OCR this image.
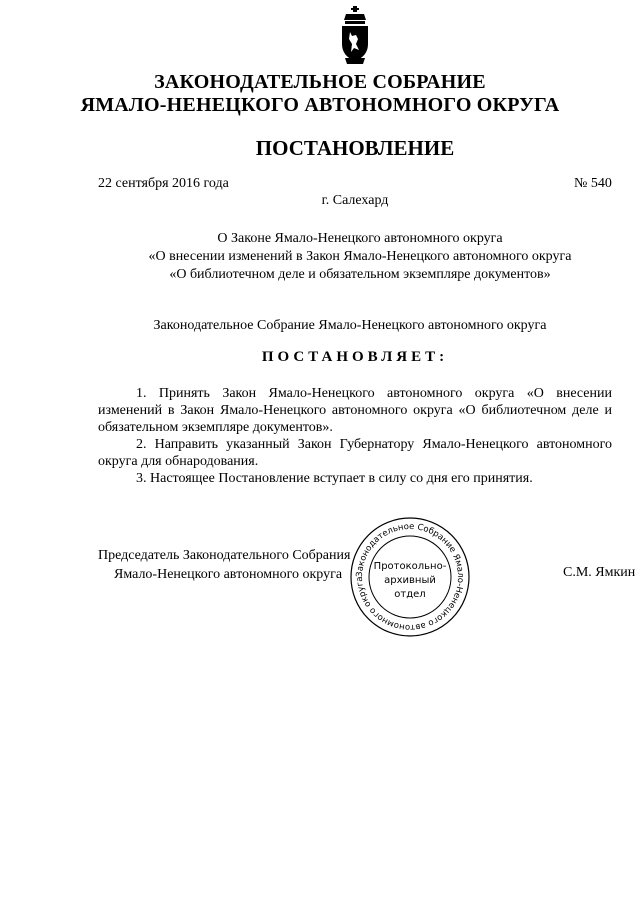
ЗАКОНОДАТЕЛЬНОЕ СОБРАНИЕ
ЯМАЛО-НЕНЕЦКОГО АВТОНОМНОГО ОКРУГА
ПОСТАНОВЛЕНИЕ
22 сентября 2016 года	№ 540
г. Салехард
О Законе Ямало-Ненецкого автономного округа
«О внесении изменений в Закон Ямало-Ненецкого автономного округа
«О библиотечном деле и обязательном экземпляре документов»
Законодательное Собрание Ямало-Ненецкого автономного округа
ПОСТАНОВЛЯЕТ:

1. Принять Закон Ямало-Ненецкого автономного округа «О внесении изменений в Закон Ямало-Ненецкого автономного округа «О библиотечном деле и обязательном экземпляре документов».

2. Направить указанный Закон Губернатору Ямало-Ненецкого автономного округа для обнародования.

3. Настоящее Постановление вступает в силу со дня его принятия.

Председатель Законодательного Собрания
Ямало-Ненецкого автономного округа	С.М. Ямкин
Законодательное Собрание Ямало-Ненецкого автономного округа
Протокольно-
архивный
отдел
